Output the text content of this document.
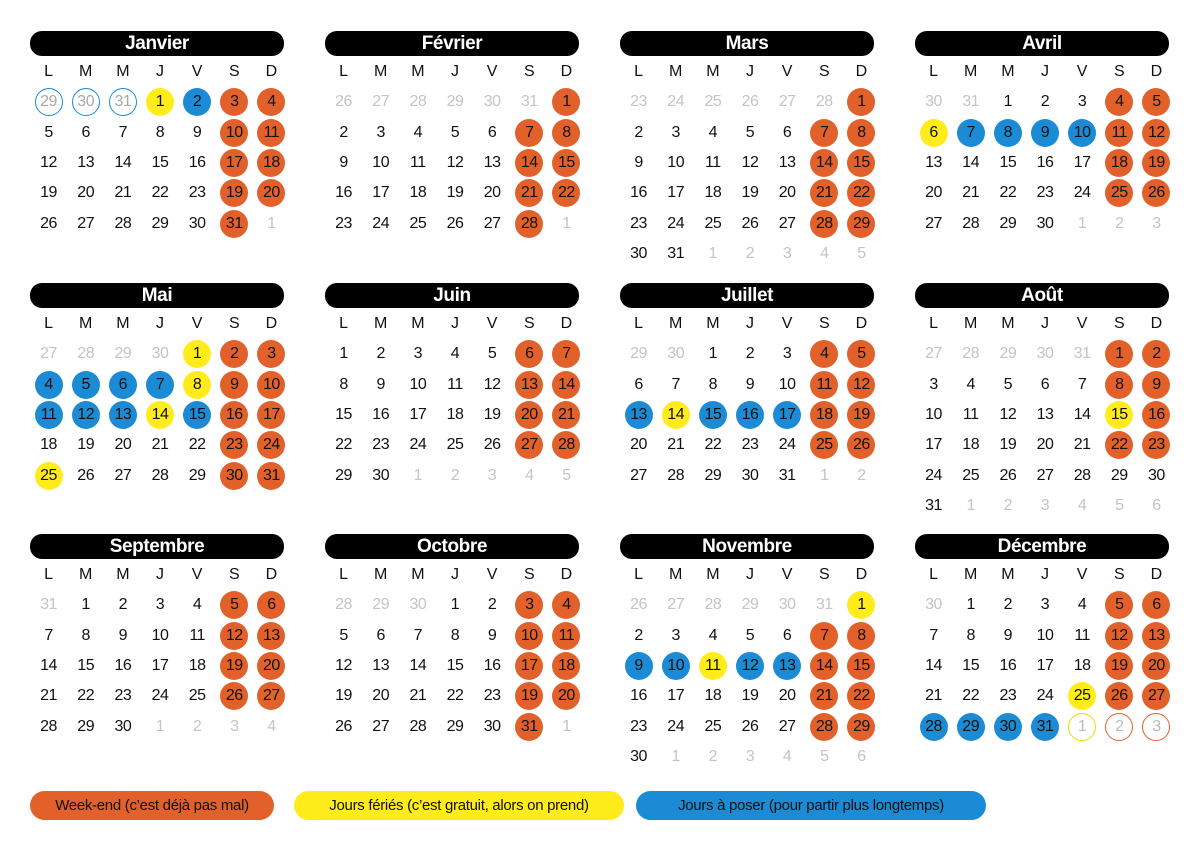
Janvier
L	M	M	J	V	S	D
29	30	31	1	2	3	4
5	6	7	8	9	10	11
12	13	14	15	16	17	18
19	20	21	22	23	19	20
26	27	28	29	30	31	1
Février
L	M	M	J	V	S	D
26	27	28	29	30	31	1
2	3	4	5	6	7	8
9	10	11	12	13	14	15
16	17	18	19	20	21	22
23	24	25	26	27	28	1
Mars
L	M	M	J	V	S	D
23	24	25	26	27	28	1
2	3	4	5	6	7	8
9	10	11	12	13	14	15
16	17	18	19	20	21	22
23	24	25	26	27	28	29
30	31	1	2	3	4	5
Avril
L	M	M	J	V	S	D
30	31	1	2	3	4	5
6	7	8	9	10	11	12
13	14	15	16	17	18	19
20	21	22	23	24	25	26
27	28	29	30	1	2	3
Mai
L	M	M	J	V	S	D
27	28	29	30	1	2	3
4	5	6	7	8	9	10
11	12	13	14	15	16	17
18	19	20	21	22	23	24
25	26	27	28	29	30	31
Juin
L	M	M	J	V	S	D
1	2	3	4	5	6	7
8	9	10	11	12	13	14
15	16	17	18	19	20	21
22	23	24	25	26	27	28
29	30	1	2	3	4	5
Juillet
L	M	M	J	V	S	D
29	30	1	2	3	4	5
6	7	8	9	10	11	12
13	14	15	16	17	18	19
20	21	22	23	24	25	26
27	28	29	30	31	1	2
Août
L	M	M	J	V	S	D
27	28	29	30	31	1	2
3	4	5	6	7	8	9
10	11	12	13	14	15	16
17	18	19	20	21	22	23
24	25	26	27	28	29	30
31	1	2	3	4	5	6
Septembre
L	M	M	J	V	S	D
31	1	2	3	4	5	6
7	8	9	10	11	12	13
14	15	16	17	18	19	20
21	22	23	24	25	26	27
28	29	30	1	2	3	4
Octobre
L	M	M	J	V	S	D
28	29	30	1	2	3	4
5	6	7	8	9	10	11
12	13	14	15	16	17	18
19	20	21	22	23	19	20
26	27	28	29	30	31	1
Novembre
L	M	M	J	V	S	D
26	27	28	29	30	31	1
2	3	4	5	6	7	8
9	10	11	12	13	14	15
16	17	18	19	20	21	22
23	24	25	26	27	28	29
30	1	2	3	4	5	6
Décembre
L	M	M	J	V	S	D
30	1	2	3	4	5	6
7	8	9	10	11	12	13
14	15	16	17	18	19	20
21	22	23	24	25	26	27
28	29	30	31	1	2	3
Week-end (c’est déjà pas mal)	Jours fériés (c’est gratuit, alors on prend)	Jours à poser (pour partir plus longtemps)
